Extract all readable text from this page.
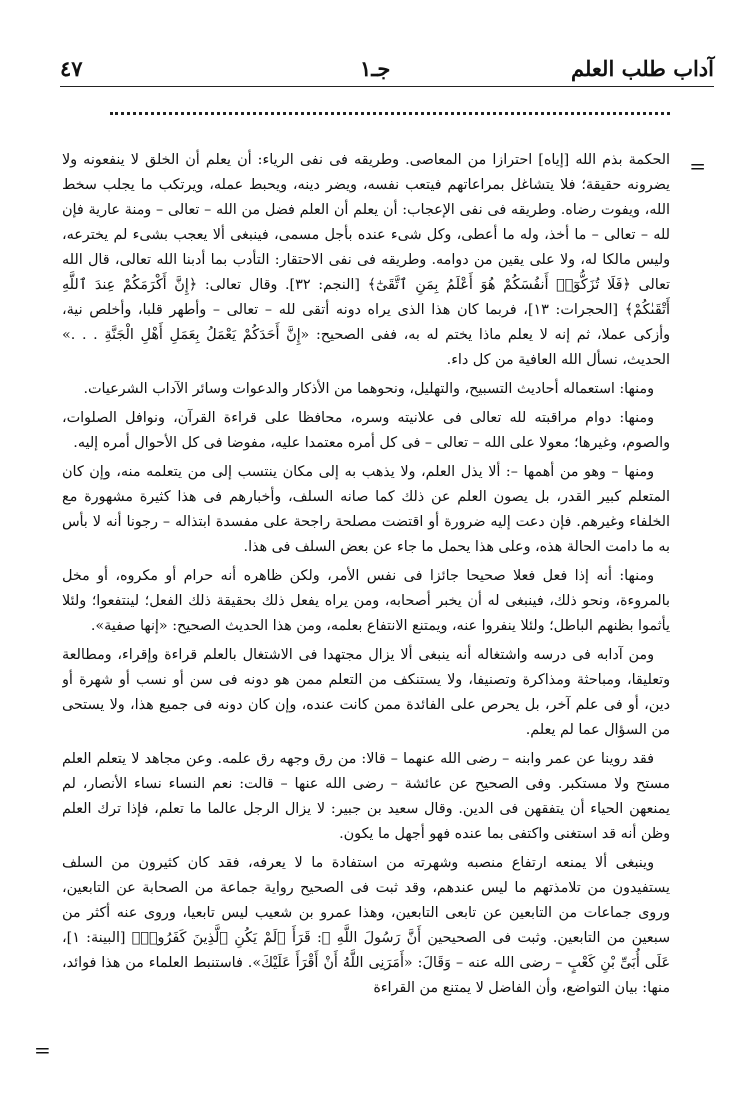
آداب طلب العلم
جـ١
٤٧
=

الحكمة بذم الله [إياه] احترازا من المعاصى. وطريقه فى نفى الرياء: أن يعلم أن الخلق لا ينفعونه ولا يضرونه حقيقة؛ فلا يتشاغل بمراعاتهم فيتعب نفسه، ويضر دينه، ويحبط عمله، ويرتكب ما يجلب سخط الله، ويفوت رضاه. وطريقه فى نفى الإعجاب: أن يعلم أن العلم فضل من الله – تعالى – ومنة عارية فإن لله – تعالى – ما أخذ، وله ما أعطى، وكل شىء عنده بأجل مسمى، فينبغى ألا يعجب بشىء لم يخترعه، وليس مالكا له، ولا على يقين من دوامه. وطريقه فى نفى الاحتقار: التأدب بما أدبنا الله تعالى، قال الله تعالى ﴿فَلَا تُزَكُّوٓا۟ أَنفُسَكُمْ هُوَ أَعْلَمُ بِمَنِ ٱتَّقَىٰٓ﴾ [النجم: ٣٢]. وقال تعالى: ﴿إِنَّ أَكْرَمَكُمْ عِندَ ٱللَّهِ أَتْقَىٰكُمْ﴾ [الحجرات: ١٣]، فربما كان هذا الذى يراه دونه أتقى لله – تعالى – وأطهر قلبا، وأخلص نية، وأزكى عملا، ثم إنه لا يعلم ماذا يختم له به، ففى الصحيح: «إِنَّ أَحَدَكُمْ يَعْمَلُ بِعَمَلِ أَهْلِ الْجَنَّةِ . . .» الحديث، نسأل الله العافية من كل داء.

ومنها: استعماله أحاديث التسبيح، والتهليل، ونحوهما من الأذكار والدعوات وسائر الآداب الشرعيات.

ومنها: دوام مراقبته لله تعالى فى علانيته وسره، محافظا على قراءة القرآن، ونوافل الصلوات، والصوم، وغيرها؛ معولا على الله – تعالى – فى كل أمره معتمدا عليه، مفوضا فى كل الأحوال أمره إليه.

ومنها – وهو من أهمها –: ألا يذل العلم، ولا يذهب به إلى مكان ينتسب إلى من يتعلمه منه، وإن كان المتعلم كبير القدر، بل يصون العلم عن ذلك كما صانه السلف، وأخبارهم فى هذا كثيرة مشهورة مع الخلفاء وغيرهم. فإن دعت إليه ضرورة أو اقتضت مصلحة راجحة على مفسدة ابتذاله – رجونا أنه لا بأس به ما دامت الحالة هذه، وعلى هذا يحمل ما جاء عن بعض السلف فى هذا.

ومنها: أنه إذا فعل فعلا صحيحا جائزا فى نفس الأمر، ولكن ظاهره أنه حرام أو مكروه، أو مخل بالمروءة، ونحو ذلك، فينبغى له أن يخبر أصحابه، ومن يراه يفعل ذلك بحقيقة ذلك الفعل؛ لينتفعوا؛ ولئلا يأثموا بظنهم الباطل؛ ولئلا ينفروا عنه، ويمتنع الانتفاع بعلمه، ومن هذا الحديث الصحيح: «إنها صفية».

ومن آدابه فى درسه واشتغاله أنه ينبغى ألا يزال مجتهدا فى الاشتغال بالعلم قراءة وإقراء، ومطالعة وتعليقا، ومباحثة ومذاكرة وتصنيفا، ولا يستنكف من التعلم ممن هو دونه فى سن أو نسب أو شهرة أو دين، أو فى علم آخر، بل يحرص على الفائدة ممن كانت عنده، وإن كان دونه فى جميع هذا، ولا يستحى من السؤال عما لم يعلم.

فقد روينا عن عمر وابنه – رضى الله عنهما – قالا: من رق وجهه رق علمه. وعن مجاهد لا يتعلم العلم مستح ولا مستكبر. وفى الصحيح عن عائشة – رضى الله عنها – قالت: نعم النساء نساء الأنصار، لم يمنعهن الحياء أن يتفقهن فى الدين. وقال سعيد بن جبير: لا يزال الرجل عالما ما تعلم، فإذا ترك العلم وظن أنه قد استغنى واكتفى بما عنده فهو أجهل ما يكون.

وينبغى ألا يمنعه ارتفاع منصبه وشهرته من استفادة ما لا يعرفه، فقد كان كثيرون من السلف يستفيدون من تلامذتهم ما ليس عندهم، وقد ثبت فى الصحيح رواية جماعة من الصحابة عن التابعين، وروى جماعات من التابعين عن تابعى التابعين، وهذا عمرو بن شعيب ليس تابعيا، وروى عنه أكثر من سبعين من التابعين. وثبت فى الصحيحين أَنَّ رَسُولَ اللَّهِ ﷺ: قَرَأَ ﴿لَمْ يَكُنِ ٱلَّذِينَ كَفَرُوا۟﴾ [البينة: ١]، عَلَى أُبَىِّ بْنِ كَعْبٍ – رضى الله عنه – وَقَالَ: «أَمَرَنِى اللَّهُ أَنْ أَقْرَأَ عَلَيْكَ». فاستنبط العلماء من هذا فوائد، منها: بيان التواضع، وأن الفاضل لا يمتنع من القراءة

=
